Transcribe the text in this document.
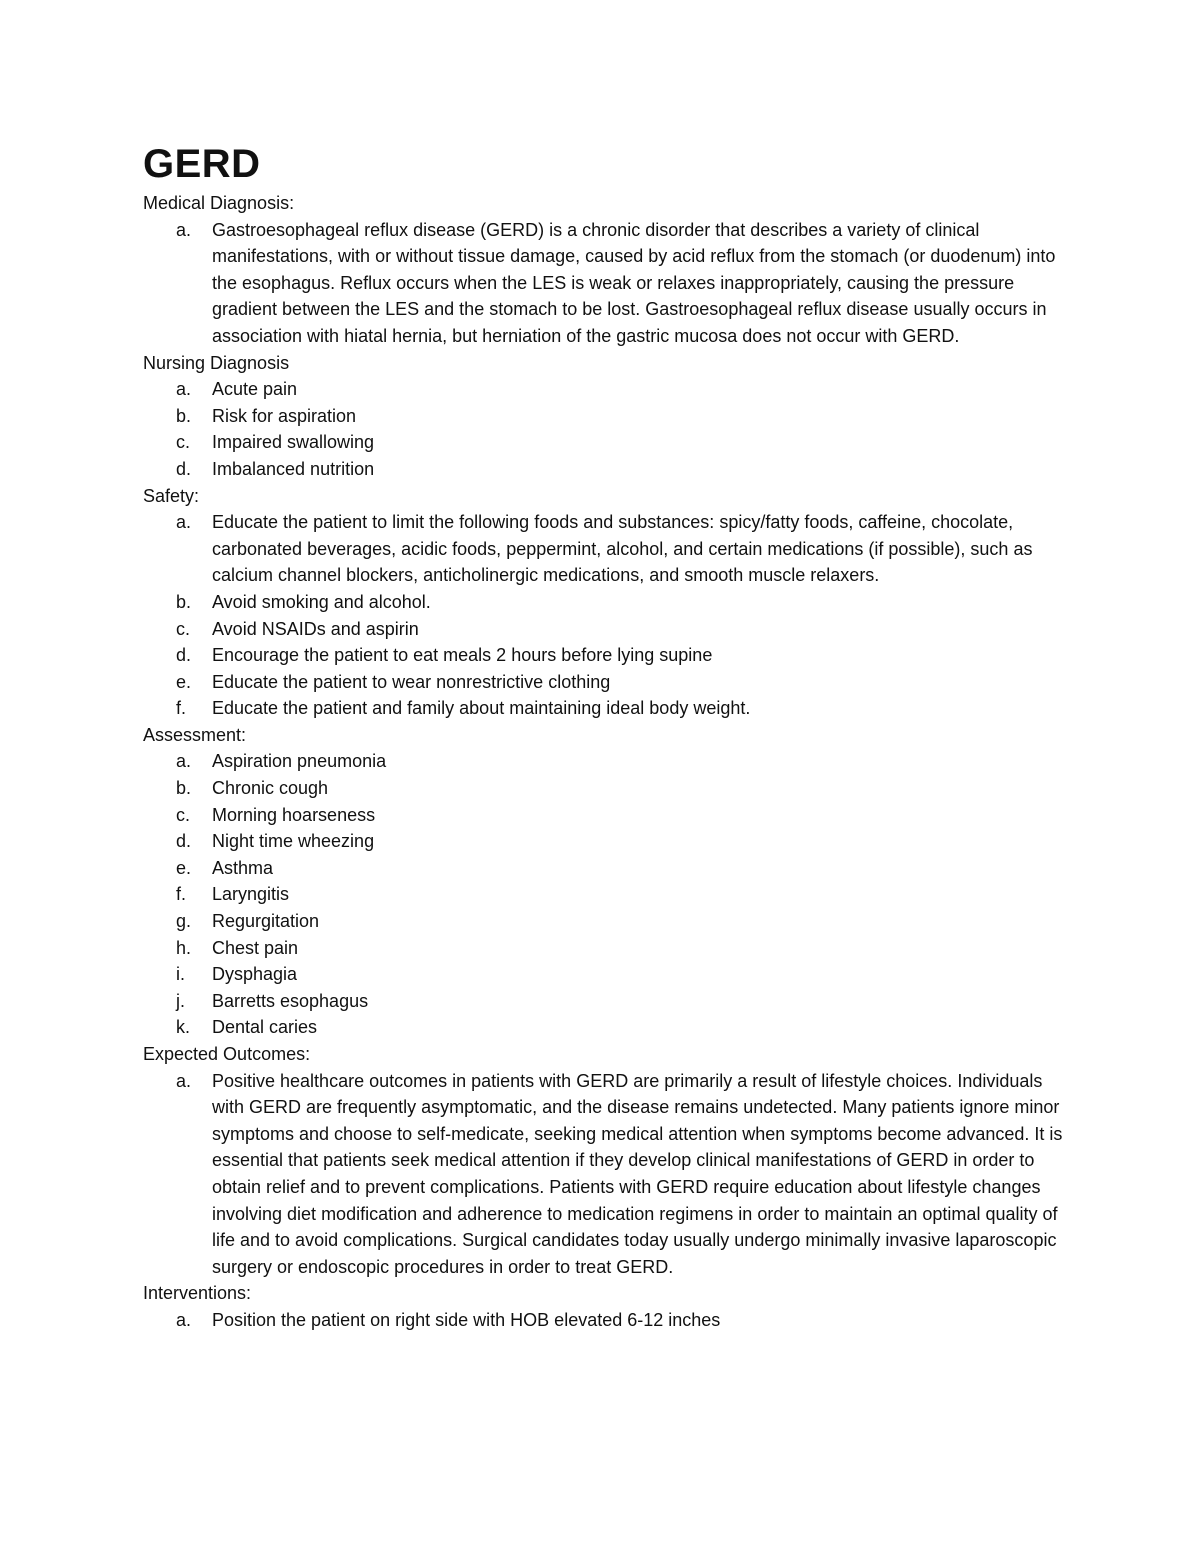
GERD
Medical Diagnosis:
a. Gastroesophageal reflux disease (GERD) is a chronic disorder that describes a variety of clinical manifestations, with or without tissue damage, caused by acid reflux from the stomach (or duodenum) into the esophagus. Reflux occurs when the LES is weak or relaxes inappropriately, causing the pressure gradient between the LES and the stomach to be lost. Gastroesophageal reflux disease usually occurs in association with hiatal hernia, but herniation of the gastric mucosa does not occur with GERD.
Nursing Diagnosis
a. Acute pain
b. Risk for aspiration
c. Impaired swallowing
d. Imbalanced nutrition
Safety:
a. Educate the patient to limit the following foods and substances: spicy/fatty foods, caffeine, chocolate, carbonated beverages, acidic foods, peppermint, alcohol, and certain medications (if possible), such as calcium channel blockers, anticholinergic medications, and smooth muscle relaxers.
b. Avoid smoking and alcohol.
c. Avoid NSAIDs and aspirin
d. Encourage the patient to eat meals 2 hours before lying supine
e. Educate the patient to wear nonrestrictive clothing
f. Educate the patient and family about maintaining ideal body weight.
Assessment:
a. Aspiration pneumonia
b. Chronic cough
c. Morning hoarseness
d. Night time wheezing
e. Asthma
f. Laryngitis
g. Regurgitation
h. Chest pain
i. Dysphagia
j. Barretts esophagus
k. Dental caries
Expected Outcomes:
a. Positive healthcare outcomes in patients with GERD are primarily a result of lifestyle choices. Individuals with GERD are frequently asymptomatic, and the disease remains undetected. Many patients ignore minor symptoms and choose to self-medicate, seeking medical attention when symptoms become advanced. It is essential that patients seek medical attention if they develop clinical manifestations of GERD in order to obtain relief and to prevent complications. Patients with GERD require education about lifestyle changes involving diet modification and adherence to medication regimens in order to maintain an optimal quality of life and to avoid complications. Surgical candidates today usually undergo minimally invasive laparoscopic surgery or endoscopic procedures in order to treat GERD.
Interventions:
a. Position the patient on right side with HOB elevated 6-12 inches
